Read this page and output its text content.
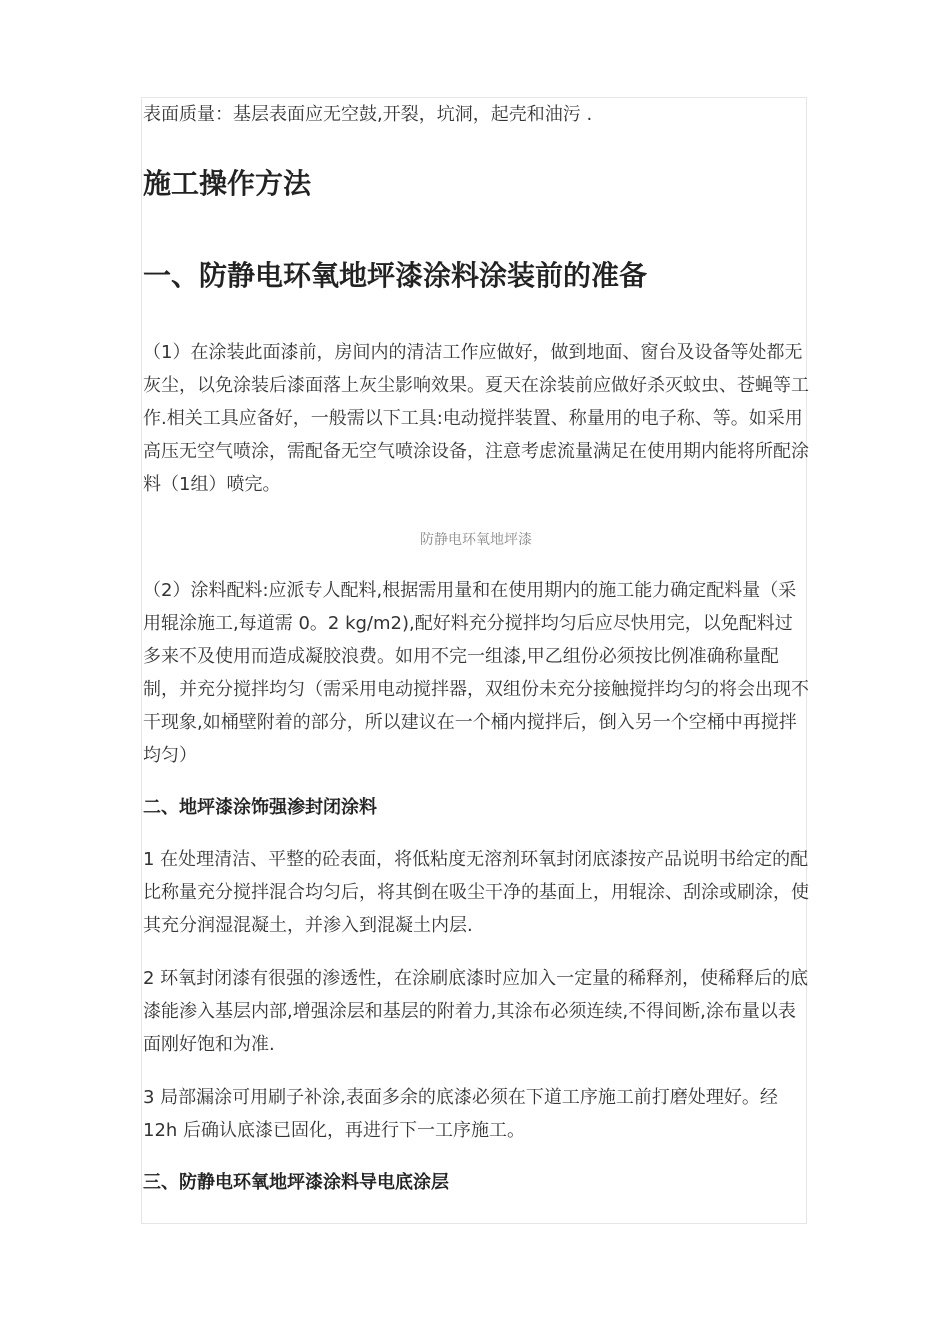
表面质量：基层表面应无空鼓,开裂，坑洞，起壳和油污 .

施工操作方法
一、防静电环氧地坪漆涂料涂装前的准备

（1）在涂装此面漆前，房间内的清洁工作应做好，做到地面、窗台及设备等处都无灰尘，以免涂装后漆面落上灰尘影响效果。夏天在涂装前应做好杀灭蚊虫、苍蝇等工作.相关工具应备好，一般需以下工具:电动搅拌装置、称量用的电子称、等。如采用高压无空气喷涂，需配备无空气喷涂设备，注意考虑流量满足在使用期内能将所配涂料（1组）喷完。

防静电环氧地坪漆

（2）涂料配料:应派专人配料,根据需用量和在使用期内的施工能力确定配料量（采用辊涂施工,每道需 0。2 kg/m2),配好料充分搅拌均匀后应尽快用完，以免配料过多来不及使用而造成凝胶浪费。如用不完一组漆,甲乙组份必须按比例准确称量配制，并充分搅拌均匀（需采用电动搅拌器，双组份未充分接触搅拌均匀的将会出现不干现象,如桶壁附着的部分，所以建议在一个桶内搅拌后，倒入另一个空桶中再搅拌均匀）

二、地坪漆涂饰强渗封闭涂料

1 在处理清洁、平整的砼表面，将低粘度无溶剂环氧封闭底漆按产品说明书给定的配比称量充分搅拌混合均匀后，将其倒在吸尘干净的基面上，用辊涂、刮涂或刷涂，使其充分润湿混凝土，并渗入到混凝土内层.

2 环氧封闭漆有很强的渗透性，在涂刷底漆时应加入一定量的稀释剂，使稀释后的底漆能渗入基层内部,增强涂层和基层的附着力,其涂布必须连续,不得间断,涂布量以表面刚好饱和为准.

3 局部漏涂可用刷子补涂,表面多余的底漆必须在下道工序施工前打磨处理好。经 12h 后确认底漆已固化，再进行下一工序施工。

三、防静电环氧地坪漆涂料导电底涂层
